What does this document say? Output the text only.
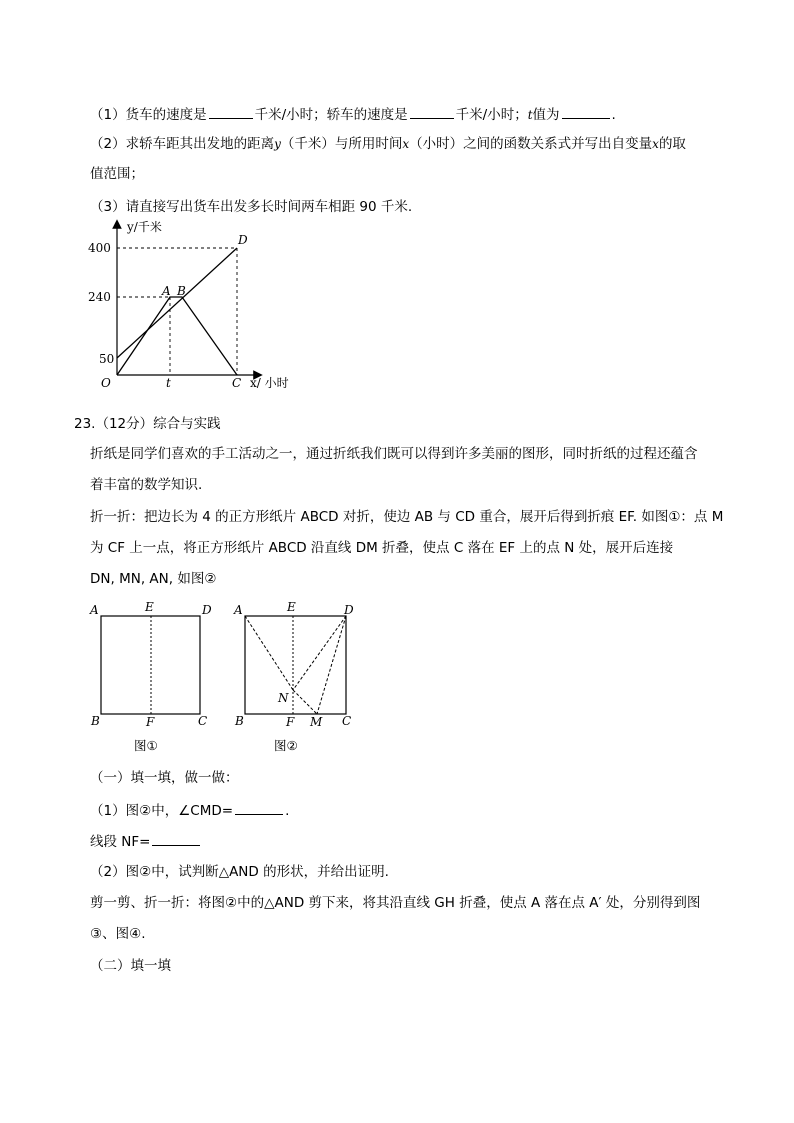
（1）货车的速度是	千米/小时；轿车的速度是	千米/小时；t值为	.
（2）求轿车距其出发地的距离y（千米）与所用时间x（小时）之间的函数关系式并写出自变量x的取
值范围；
（3）请直接写出货车出发多长时间两车相距 90 千米.
y/千米
400
240
50
O	t
A B
C
D
x/ 小时
23.（12分）综合与实践
折纸是同学们喜欢的手工活动之一，通过折纸我们既可以得到许多美丽的图形，同时折纸的过程还蕴含
着丰富的数学知识.
折一折：把边长为 4 的正方形纸片 ABCD 对折，使边 AB 与 CD 重合，展开后得到折痕 EF. 如图①：点 M
为 CF 上一点，将正方形纸片 ABCD 沿直线 DM 折叠，使点 C 落在 EF 上的点 N 处，展开后连接
DN, MN, AN, 如图②
A	E	D
B	F	C
图①
A	E	D
B	F	C
N
M
图②
（一）填一填，做一做：
（1）图②中，∠CMD=	.
线段 NF=
（2）图②中，试判断△AND 的形状，并给出证明.
剪一剪、折一折：将图②中的△AND 剪下来，将其沿直线 GH 折叠，使点 A 落在点 A′ 处，分别得到图
③、图④.
（二）填一填
